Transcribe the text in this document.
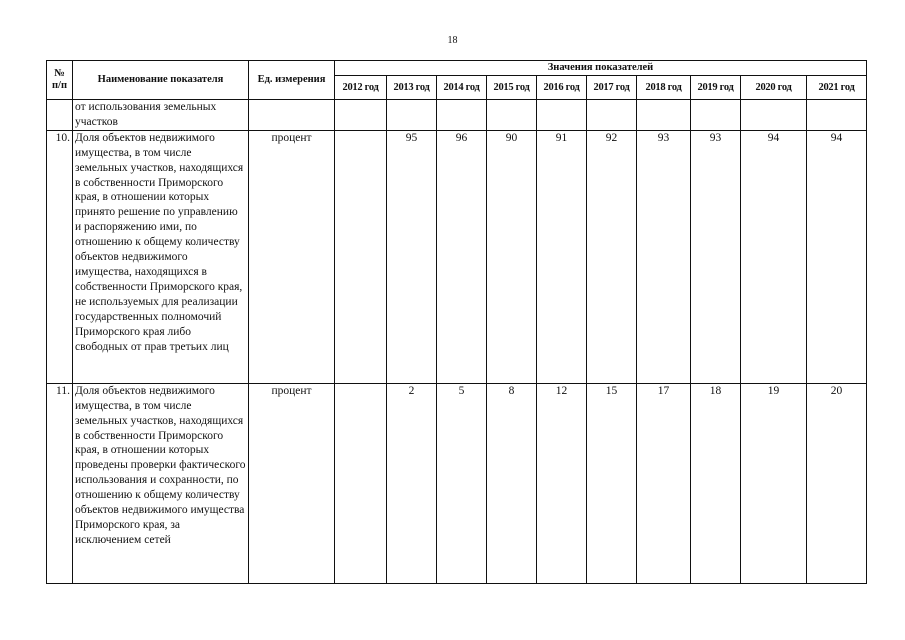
18
№ п/п	Наименование показателя	Ед. измерения	Значения показателей									
			2012 год	2013 год	2014 год	2015 год	2016 год	2017 год	2018 год	2019 год	2020 год	2021 год
	от использования земельных участков											
10.	Доля объектов недвижимого имущества, в том числе земельных участков, находящихся в собственности Приморского края, в отношении которых принято решение по управлению и распоряжению ими, по отношению к общему количеству объектов недвижимого имущества, находящихся в собственности Приморского края, не используемых для реализации государственных полномочий Приморского края либо свободных от прав третьих лиц	процент		95	96	90	91	92	93	93	94	94
11.	Доля объектов недвижимого имущества, в том числе земельных участков, находящихся в собственности Приморского края, в отношении которых проведены проверки фактического использования и сохранности, по отношению к общему количеству объектов недвижимого имущества Приморского края, за исключением сетей	процент		2	5	8	12	15	17	18	19	20
